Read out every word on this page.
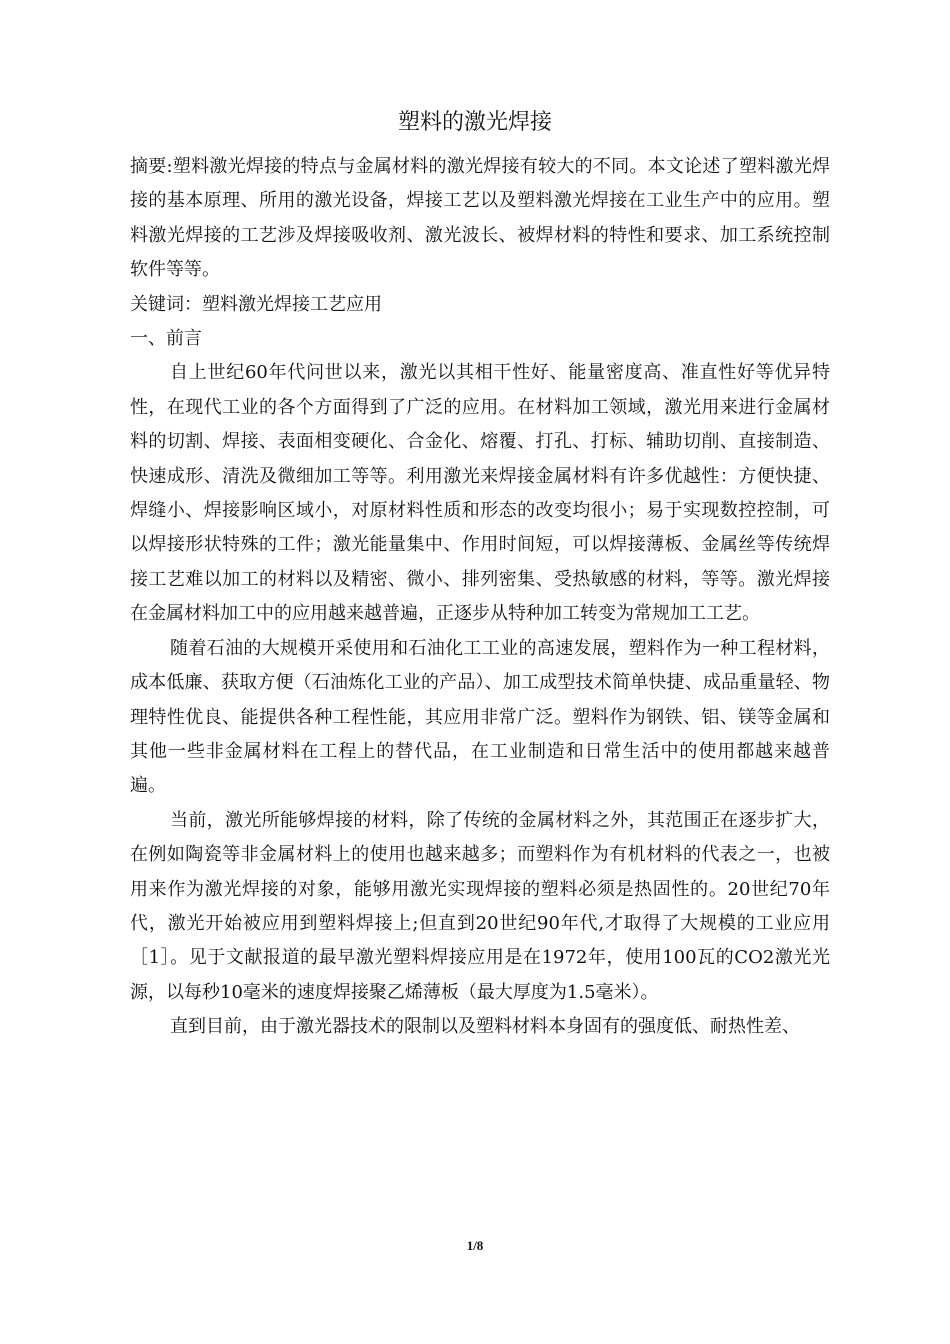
塑料的激光焊接

摘要:塑料激光焊接的特点与金属材料的激光焊接有较大的不同。本文论述了塑料激光焊接的基本原理、所用的激光设备，焊接工艺以及塑料激光焊接在工业生产中的应用。塑料激光焊接的工艺涉及焊接吸收剂、激光波长、被焊材料的特性和要求、加工系统控制软件等等。

关键词：塑料激光焊接工艺应用

一、前言

自上世纪60年代问世以来，激光以其相干性好、能量密度高、准直性好等优异特性，在现代工业的各个方面得到了广泛的应用。在材料加工领域，激光用来进行金属材料的切割、焊接、表面相变硬化、合金化、熔覆、打孔、打标、辅助切削、直接制造、快速成形、清洗及微细加工等等。利用激光来焊接金属材料有许多优越性：方便快捷、焊缝小、焊接影响区域小，对原材料性质和形态的改变均很小；易于实现数控控制，可以焊接形状特殊的工件；激光能量集中、作用时间短，可以焊接薄板、金属丝等传统焊接工艺难以加工的材料以及精密、微小、排列密集、受热敏感的材料，等等。激光焊接在金属材料加工中的应用越来越普遍，正逐步从特种加工转变为常规加工工艺。

随着石油的大规模开采使用和石油化工工业的高速发展，塑料作为一种工程材料，成本低廉、获取方便（石油炼化工业的产品）、加工成型技术简单快捷、成品重量轻、物理特性优良、能提供各种工程性能，其应用非常广泛。塑料作为钢铁、铝、镁等金属和其他一些非金属材料在工程上的替代品，在工业制造和日常生活中的使用都越来越普遍。

当前，激光所能够焊接的材料，除了传统的金属材料之外，其范围正在逐步扩大，在例如陶瓷等非金属材料上的使用也越来越多；而塑料作为有机材料的代表之一，也被用来作为激光焊接的对象，能够用激光实现焊接的塑料必须是热固性的。20世纪70年代，激光开始被应用到塑料焊接上;但直到20世纪90年代,才取得了大规模的工业应用［1］。见于文献报道的最早激光塑料焊接应用是在1972年，使用100瓦的CO2激光光源，以每秒10毫米的速度焊接聚乙烯薄板（最大厚度为1.5毫米）。

直到目前，由于激光器技术的限制以及塑料材料本身固有的强度低、耐热性差、

1/8
